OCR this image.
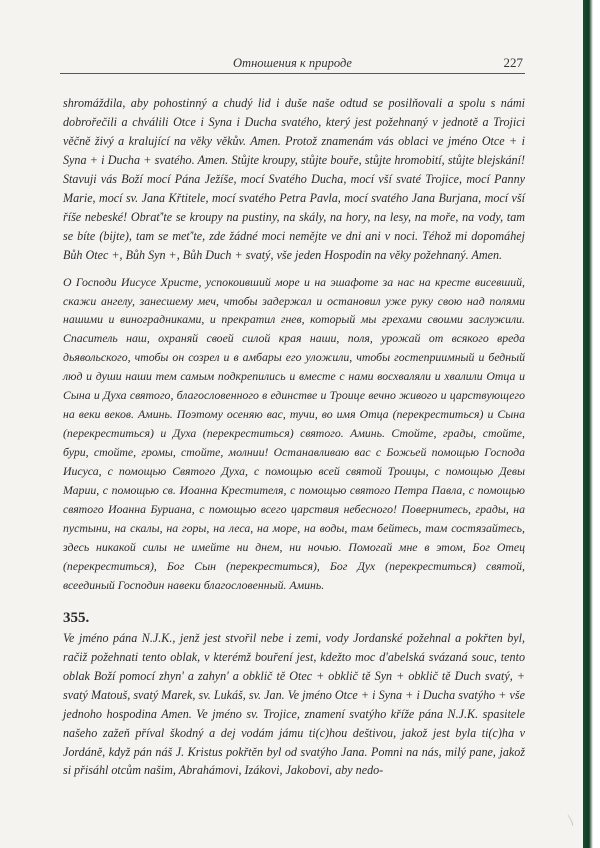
Отношения к природе	227

shromáždila, aby pohostinný a chudý lid i duše naše odtud se posilňovali a spolu s námi dobrořečili a chválili Otce i Syna i Ducha svatého, který jest požehnaný v jednotě a Trojici věčně živý a kralující na věky věkův. Amen. Protož znamenám vás oblaci ve jméno Otce + i Syna + i Ducha + svatého. Amen. Stůjte kroupy, stůjte bouře, stůjte hromobití, stůjte blejskání! Stavuji vás Boží mocí Pána Ježíše, mocí Svatého Ducha, mocí vší svaté Trojice, mocí Panny Marie, mocí sv. Jana Křtitele, mocí svatého Petra Pavla, mocí svatého Jana Burjana, mocí vší říše nebeské! Obrať'te se kroupy na pustiny, na skály, na hory, na lesy, na moře, na vody, tam se bíte (bijte), tam se meť'te, zde žádné moci nemějte ve dni ani v noci. Téhož mi dopomáhej Bůh Otec +, Bůh Syn +, Bůh Duch + svatý, vše jeden Hospodin na věky požehnaný. Amen.

О Господи Иисусе Христе, успокоивший море и на эшафоте за нас на кресте висевший, скажи ангелу, занесшему меч, чтобы задержал и остановил уже руку свою над полями нашими и виноградниками, и прекратил гнев, который мы грехами своими заслужили. Спаситель наш, охраняй своей силой края наши, поля, урожай от всякого вреда дьявольского, чтобы он созрел и в амбары его уложили, чтобы гостеприимный и бедный люд и души наши тем самым подкрепились и вместе с нами восхваляли и хвалили Отца и Сына и Духа святого, благословенного в единстве и Троице вечно живого и царствующего на веки веков. Аминь. Поэтому осеняю вас, тучи, во имя Отца (перекреститься) и Сына (перекреститься) и Духа (перекреститься) святого. Аминь. Стойте, грады, стойте, бури, стойте, громы, стойте, молнии! Останавливаю вас с Божьей помощью Господа Иисуса, с помощью Святого Духа, с помощью всей святой Троицы, с помощью Девы Марии, с помощью св. Иоанна Крестителя, с помощью святого Петра Павла, с помощью святого Иоанна Буриана, с помощью всего царствия небесного! Повернитесь, грады, на пустыни, на скалы, на горы, на леса, на море, на воды, там бейтесь, там состязайтесь, здесь никакой силы не имейте ни днем, ни ночью. Помогай мне в этом, Бог Отец (перекреститься), Бог Сын (перекреститься), Бог Дух (перекреститься) святой, всеединый Господин навеки благословенный. Аминь.

355.

Ve jméno pána N.J.K., jenž jest stvořil nebe i zemi, vody Jordanské požehnal a pokřten byl, račiž požehnati tento oblak, v kterémž bouření jest, kdežto moc d'abelská svázaná souc, tento oblak Boží pomocí zhyn' a zahyn' a obklič tě Otec + obklič tě Syn + obklič tě Duch svatý, + svatý Matouš, svatý Marek, sv. Lukáš, sv. Jan. Ve jméno Otce + i Syna + i Ducha svatýho + vše jednoho hospodina Amen. Ve jméno sv. Trojice, znamení svatýho kříže pána N.J.K. spasitele našeho zažeň příval škodný a dej vodám jámu ti(c)hou deštivou, jakož jest byla ti(c)ha v Jordáně, když pán náš J. Kristus pokřtěn byl od svatýho Jana. Pomni na nás, milý pane, jakož si přisáhl otcům našim, Abrahámovi, Izákovi, Jakobovi, aby nedo-

〵
